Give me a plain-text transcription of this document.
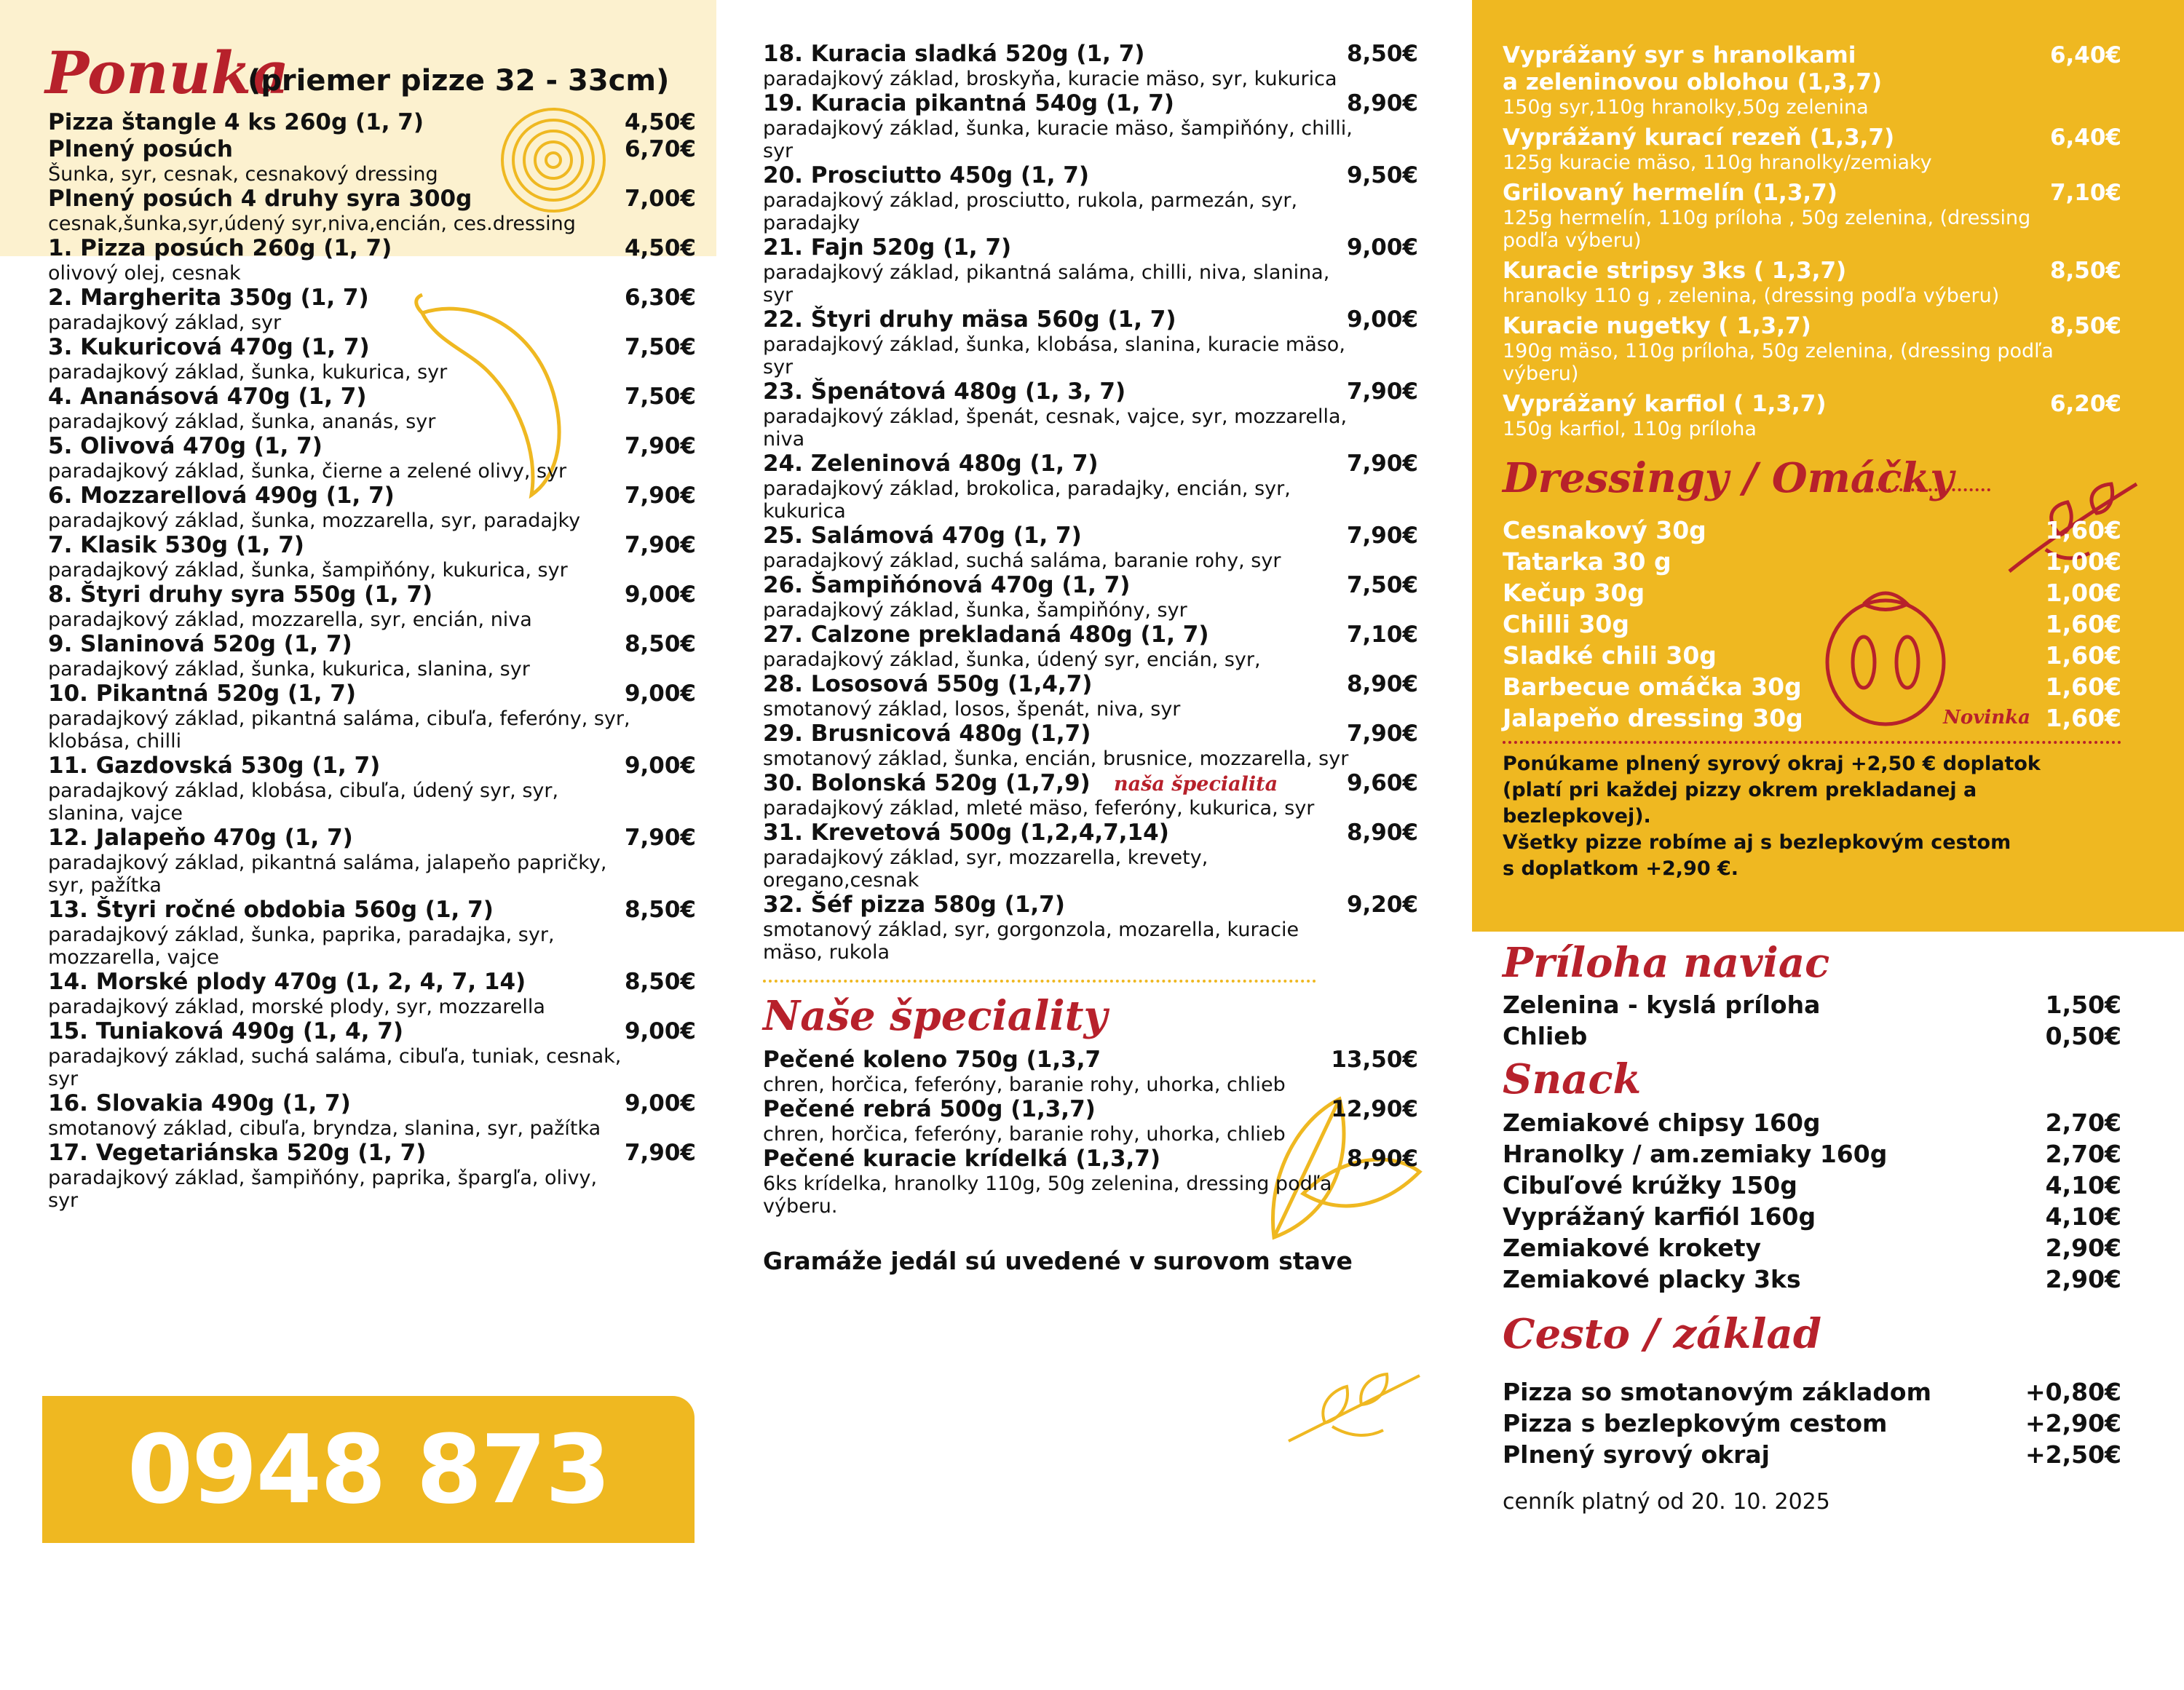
0948 873 748
Ponuka
(priemer pizze 32 - 33cm)
Pizza štangle 4 ks 260g (1, 7)	4,50€
Plnený posúch	6,70€
Šunka, syr, cesnak, cesnakový dressing
Plnený posúch 4 druhy syra 300g	7,00€
cesnak,šunka,syr,údený syr,niva,encián, ces.dressing
1. Pizza posúch 260g (1, 7)	4,50€
olivový olej, cesnak
2. Margherita 350g (1, 7)	6,30€
paradajkový základ, syr
3. Kukuricová 470g (1, 7)	7,50€
paradajkový základ, šunka, kukurica, syr
4. Ananásová 470g (1, 7)	7,50€
paradajkový základ, šunka, ananás, syr
5. Olivová 470g (1, 7)	7,90€
paradajkový základ, šunka, čierne a zelené olivy, syr
6. Mozzarellová 490g (1, 7)	7,90€
paradajkový základ, šunka, mozzarella, syr, paradajky
7. Klasik 530g (1, 7)	7,90€
paradajkový základ, šunka, šampiňóny, kukurica, syr
8. Štyri druhy syra 550g (1, 7)	9,00€
paradajkový základ, mozzarella, syr, encián, niva
9. Slaninová 520g (1, 7)	8,50€
paradajkový základ, šunka, kukurica, slanina, syr
10. Pikantná 520g (1, 7)	9,00€
paradajkový základ, pikantná saláma, cibuľa, feferóny, syr, klobása, chilli
11. Gazdovská 530g (1, 7)	9,00€
paradajkový základ, klobása, cibuľa, údený syr, syr, slanina, vajce
12. Jalapeňo 470g (1, 7)	7,90€
paradajkový základ, pikantná saláma, jalapeňo papričky, syr, pažítka
13. Štyri ročné obdobia 560g (1, 7)	8,50€
paradajkový základ, šunka, paprika, paradajka, syr, mozzarella, vajce
14. Morské plody 470g (1, 2, 4, 7, 14)	8,50€
paradajkový základ, morské plody, syr, mozzarella
15. Tuniaková 490g (1, 4, 7)	9,00€
paradajkový základ, suchá saláma, cibuľa, tuniak, cesnak, syr
16. Slovakia 490g (1, 7)	9,00€
smotanový základ, cibuľa, bryndza, slanina, syr, pažítka
17. Vegetariánska 520g (1, 7)	7,90€
paradajkový základ, šampiňóny, paprika, špargľa, olivy, syr
18. Kuracia sladká 520g (1, 7)	8,50€
paradajkový základ, broskyňa, kuracie mäso, syr, kukurica
19. Kuracia pikantná 540g (1, 7)	8,90€
paradajkový základ, šunka, kuracie mäso, šampiňóny, chilli, syr
20. Prosciutto 450g (1, 7)	9,50€
paradajkový základ, prosciutto, rukola, parmezán, syr, paradajky
21. Fajn 520g (1, 7)	9,00€
paradajkový základ, pikantná saláma, chilli, niva, slanina, syr
22. Štyri druhy mäsa 560g (1, 7)	9,00€
paradajkový základ, šunka, klobása, slanina, kuracie mäso, syr
23. Špenátová 480g (1, 3, 7)	7,90€
paradajkový základ, špenát, cesnak, vajce, syr, mozzarella, niva
24. Zeleninová 480g (1, 7)	7,90€
paradajkový základ, brokolica, paradajky, encián, syr, kukurica
25. Salámová 470g (1, 7)	7,90€
paradajkový základ, suchá saláma, baranie rohy, syr
26. Šampiňónová 470g (1, 7)	7,50€
paradajkový základ, šunka, šampiňóny, syr
27. Calzone prekladaná 480g (1, 7)	7,10€
paradajkový základ, šunka, údený syr, encián, syr,
28. Lososová 550g (1,4,7)	8,90€
smotanový základ, losos, špenát, niva, syr
29. Brusnicová 480g (1,7)	7,90€
smotanový základ, šunka, encián, brusnice, mozzarella, syr
30. Bolonská 520g (1,7,9)	naša špecialita	9,60€
paradajkový základ, mleté mäso, feferóny, kukurica, syr
31. Krevetová 500g (1,2,4,7,14)	8,90€
paradajkový základ, syr, mozzarella, krevety, oregano,cesnak
32. Šéf pizza 580g (1,7)	9,20€
smotanový základ, syr, gorgonzola, mozarella, kuracie mäso, rukola
Naše špeciality
Pečené koleno 750g (1,3,7	13,50€
chren, horčica, feferóny, baranie rohy, uhorka, chlieb
Pečené rebrá 500g (1,3,7)	12,90€
chren, horčica, feferóny, baranie rohy, uhorka, chlieb
Pečené kuracie krídelká (1,3,7)	8,90€
6ks krídelka, hranolky 110g, 50g zelenina, dressing podľa výberu.
Gramáže jedál sú uvedené v surovom stave
Vyprážaný syr s hranolkami
a zeleninovou oblohou (1,3,7)
6,40€
150g syr,110g hranolky,50g zelenina
Vyprážaný kurací rezeň (1,3,7)	6,40€
125g kuracie mäso, 110g hranolky/zemiaky
Grilovaný hermelín (1,3,7)	7,10€
125g hermelín, 110g príloha , 50g zelenina, (dressing podľa výberu)
Kuracie stripsy 3ks ( 1,3,7)	8,50€
hranolky 110 g , zelenina, (dressing podľa výberu)
Kuracie nugetky ( 1,3,7)	8,50€
190g mäso, 110g príloha, 50g zelenina, (dressing podľa výberu)
Vyprážaný karfiol ( 1,3,7)	6,20€
150g karfiol, 110g príloha
Dressingy / Omáčky
Cesnakový 30g	1,60€
Tatarka 30 g	1,00€
Kečup 30g	1,00€
Chilli 30g	1,60€
Sladké chili 30g	1,60€
Barbecue omáčka 30g	1,60€
Jalapeňo dressing 30g	Novinka 1,60€
Ponúkame plnený syrový okraj +2,50 € doplatok
(platí pri každej pizzy okrem prekladanej a bezlepkovej).
Všetky pizze robíme aj s bezlepkovým cestom
s doplatkom +2,90 €.
Príloha naviac
Zelenina - kyslá príloha	1,50€
Chlieb	0,50€
Snack
Zemiakové chipsy 160g	2,70€
Hranolky / am.zemiaky 160g	2,70€
Cibuľové krúžky 150g	4,10€
Vyprážaný karfiól 160g	4,10€
Zemiakové krokety	2,90€
Zemiakové placky 3ks	2,90€
Cesto / základ
Pizza so smotanovým základom	+0,80€
Pizza s bezlepkovým cestom	+2,90€
Plnený syrový okraj	+2,50€
cenník platný od 20. 10. 2025
